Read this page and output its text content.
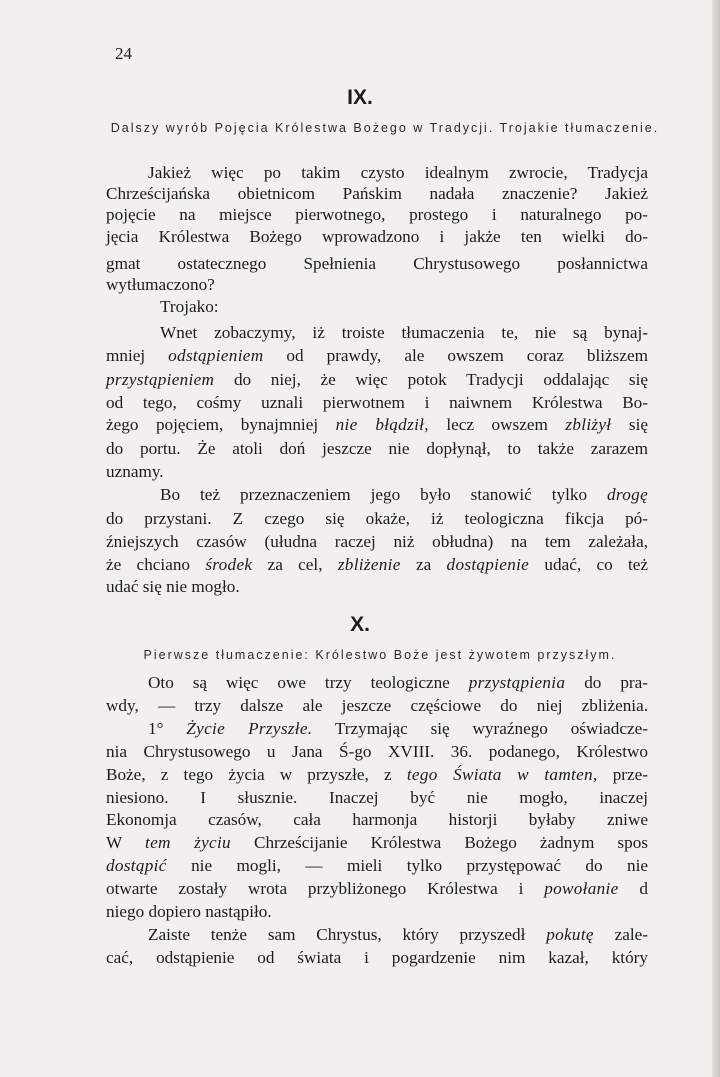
24
IX.
Dalszy wyrób Pojęcia Królestwa Bożego w Tradycji. Trojakie tłumaczenie.
Jakież więc po takim czysto idealnym zwrocie, Tradycja
Chrześcijańska obietnicom Pańskim nadała znaczenie? Jakież
pojęcie na miejsce pierwotnego, prostego i naturalnego po-
jęcia Królestwa Bożego wprowadzono i jakże ten wielki do-
gmat ostatecznego Spełnienia Chrystusowego posłannictwa
wytłumaczono?
Trojako:
Wnet zobaczymy, iż troiste tłumaczenia te, nie są bynaj-
mniej odstąpieniem od prawdy, ale owszem coraz bliższem
przystąpieniem do niej, że więc potok Tradycji oddalając się
od tego, cośmy uznali pierwotnem i naiwnem Królestwa Bo-
żego pojęciem, bynajmniej nie błądził, lecz owszem zbliżył się
do portu. Że atoli doń jeszcze nie dopłynął, to także zarazem
uznamy.
Bo też przeznaczeniem jego było stanowić tylko drogę
do przystani. Z czego się okaże, iż teologiczna fikcja pó-
źniejszych czasów (ułudna raczej niż obłudna) na tem zależała,
że chciano środek za cel, zbliżenie za dostąpienie udać, co też
udać się nie mogło.
X.
Pierwsze tłumaczenie: Królestwo Boże jest żywotem przyszłym.
Oto są więc owe trzy teologiczne przystąpienia do pra-
wdy, — trzy dalsze ale jeszcze częściowe do niej zbliżenia.
1° Życie Przyszłe. Trzymając się wyraźnego oświadcze-
nia Chrystusowego u Jana Ś-go XVIII. 36. podanego, Królestwo
Boże, z tego życia w przyszłe, z tego Świata w tamten, prze-
niesiono. I słusznie. Inaczej być nie mogło, inaczej
Ekonomja czasów, cała harmonja historji byłaby zniwe
W tem życiu Chrześcijanie Królestwa Bożego żadnym spos
dostąpić nie mogli, — mieli tylko przystępować do nie
otwarte zostały wrota przybliżonego Królestwa i powołanie d
niego dopiero nastąpiło.
Zaiste tenże sam Chrystus, który przyszedł pokutę zale-
cać, odstąpienie od świata i pogardzenie nim kazał, który
